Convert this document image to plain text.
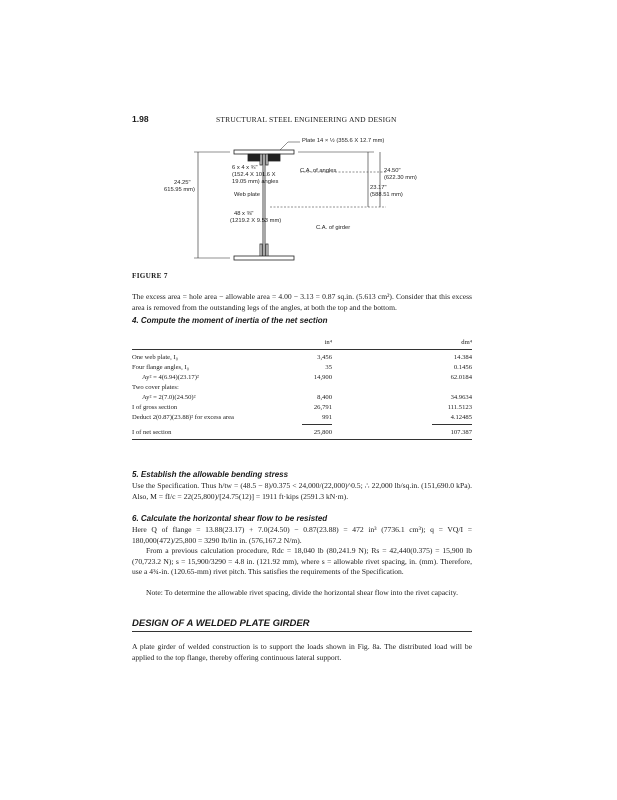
1.98	STRUCTURAL STEEL ENGINEERING AND DESIGN
Plate 14 × ½ (355.6 X 12.7 mm)
6 x 4 x ¾"
(152.4 X 101.6 X
19.05 mm) angles
Web plate
48 x ⅜"
(1219.2 X 9.53 mm)
C.A. of angles
C.A. of girder
24.25"
615.95 mm)
24.50"
(622.30 mm)
23.17"
(588.51 mm)
FIGURE 7
The excess area = hole area − allowable area = 4.00 − 3.13 = 0.87 sq.in. (5.613 cm²). Consider that this excess area is removed from the outstanding legs of the angles, at both the top and the bottom.
4. Compute the moment of inertia of the net section
in⁴	dm⁴
One web plate, I₀	3,456	14.384
Four flange angles, I₀	35	0.1456
Ay² = 4(6.94)(23.17)²	14,900	62.0184
Two cover plates:
Ay² = 2(7.0)(24.50)²	8,400	34.9634
I of gross section	26,791	111.5123
Deduct 2(0.87)(23.88)² for excess area	991	4.12485
I of net section	25,800	107.387
5. Establish the allowable bending stress
Use the Specification. Thus h/tw = (48.5 − 8)/0.375 < 24,000/(22,000)^0.5; ∴ 22,000 lb/sq.in. (151,690.0 kPa). Also, M = fI/c = 22(25,800)/[24.75(12)] = 1911 ft·kips (2591.3 kN·m).
6. Calculate the horizontal shear flow to be resisted
Here Q of flange = 13.88(23.17) + 7.0(24.50) − 0.87(23.88) = 472 in³ (7736.1 cm³); q = VQ/I = 180,000(472)/25,800 = 3290 lb/lin in. (576,167.2 N/m).
From a previous calculation procedure, Rdc = 18,040 lb (80,241.9 N); Rs = 42,440(0.375) = 15,900 lb (70,723.2 N); s = 15,900/3290 = 4.8 in. (121.92 mm), where s = allowable rivet spacing, in. (mm). Therefore, use a 4¾-in. (120.65-mm) rivet pitch. This satisfies the requirements of the Specification.
Note: To determine the allowable rivet spacing, divide the horizontal shear flow into the rivet capacity.
DESIGN OF A WELDED PLATE GIRDER
A plate girder of welded construction is to support the loads shown in Fig. 8a. The distributed load will be applied to the top flange, thereby offering continuous lateral support.
